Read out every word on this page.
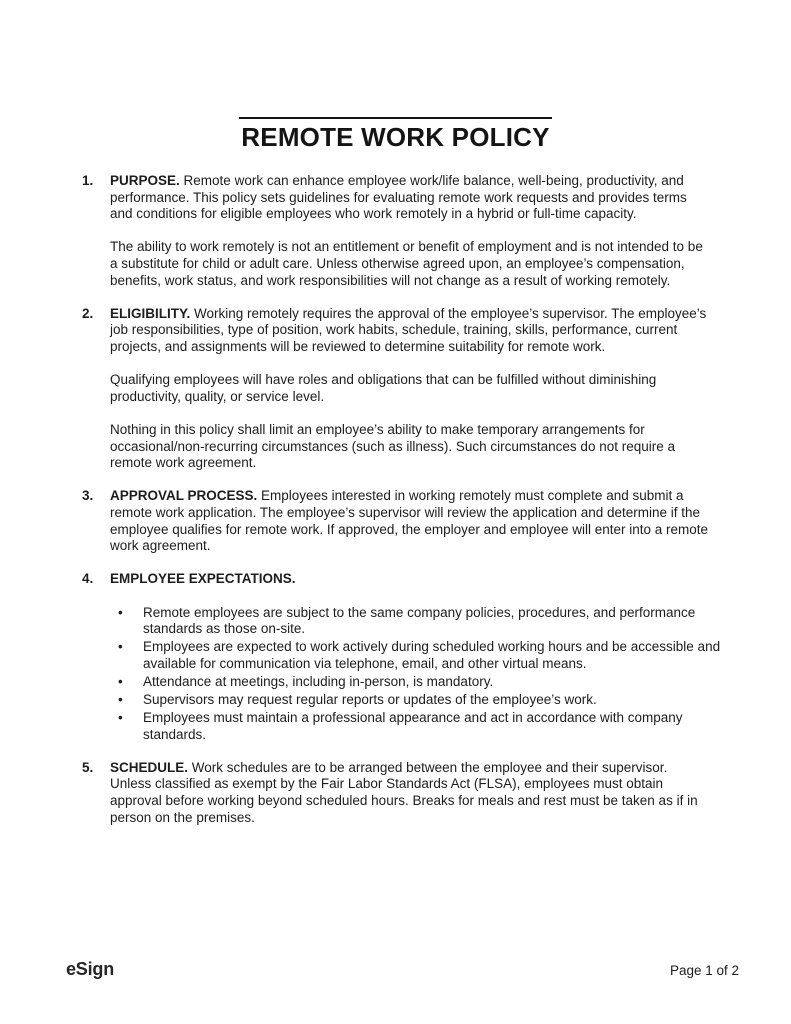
REMOTE WORK POLICY
1.	PURPOSE. Remote work can enhance employee work/life balance, well-being, productivity, and performance. This policy sets guidelines for evaluating remote work requests and provides terms and conditions for eligible employees who work remotely in a hybrid or full-time capacity.

The ability to work remotely is not an entitlement or benefit of employment and is not intended to be a substitute for child or adult care. Unless otherwise agreed upon, an employee’s compensation, benefits, work status, and work responsibilities will not change as a result of working remotely.

2.	ELIGIBILITY. Working remotely requires the approval of the employee’s supervisor. The employee’s job responsibilities, type of position, work habits, schedule, training, skills, performance, current projects, and assignments will be reviewed to determine suitability for remote work.

Qualifying employees will have roles and obligations that can be fulfilled without diminishing productivity, quality, or service level.

Nothing in this policy shall limit an employee’s ability to make temporary arrangements for occasional/non-recurring circumstances (such as illness). Such circumstances do not require a remote work agreement.

3.	APPROVAL PROCESS. Employees interested in working remotely must complete and submit a remote work application. The employee’s supervisor will review the application and determine if the employee qualifies for remote work. If approved, the employer and employee will enter into a remote work agreement.

4.	EMPLOYEE EXPECTATIONS.

• Remote employees are subject to the same company policies, procedures, and performance standards as those on-site.
• Employees are expected to work actively during scheduled working hours and be accessible and available for communication via telephone, email, and other virtual means.
• Attendance at meetings, including in-person, is mandatory.
• Supervisors may request regular reports or updates of the employee’s work.
• Employees must maintain a professional appearance and act in accordance with company standards.
5.	SCHEDULE. Work schedules are to be arranged between the employee and their supervisor. Unless classified as exempt by the Fair Labor Standards Act (FLSA), employees must obtain approval before working beyond scheduled hours. Breaks for meals and rest must be taken as if in person on the premises.

eSign	Page 1 of 2
